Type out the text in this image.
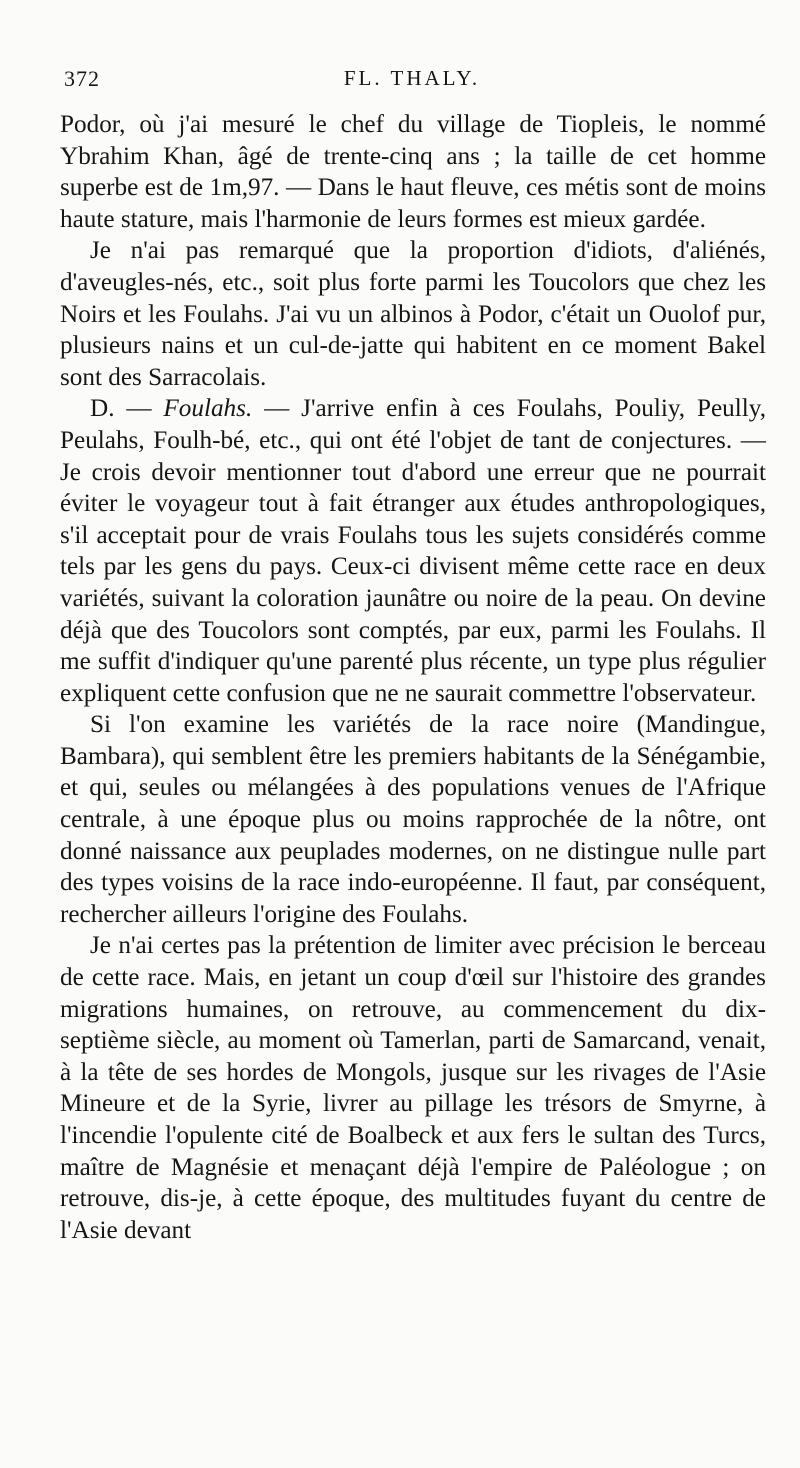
372	FL. THALY.

Podor, où j'ai mesuré le chef du village de Tiopleis, le nommé Ybrahim Khan, âgé de trente-cinq ans ; la taille de cet homme superbe est de 1m,97. — Dans le haut fleuve, ces métis sont de moins haute stature, mais l'harmonie de leurs formes est mieux gardée.

Je n'ai pas remarqué que la proportion d'idiots, d'aliénés, d'aveugles-nés, etc., soit plus forte parmi les Toucolors que chez les Noirs et les Foulahs. J'ai vu un albinos à Podor, c'était un Ouolof pur, plusieurs nains et un cul-de-jatte qui habitent en ce moment Bakel sont des Sarracolais.

D. — Foulahs. — J'arrive enfin à ces Foulahs, Pouliy, Peully, Peulahs, Foulh-bé, etc., qui ont été l'objet de tant de conjectures. — Je crois devoir mentionner tout d'abord une erreur que ne pourrait éviter le voyageur tout à fait étranger aux études anthropologiques, s'il acceptait pour de vrais Foulahs tous les sujets considérés comme tels par les gens du pays. Ceux-ci divisent même cette race en deux variétés, suivant la coloration jaunâtre ou noire de la peau. On devine déjà que des Toucolors sont comptés, par eux, parmi les Foulahs. Il me suffit d'indiquer qu'une parenté plus récente, un type plus régulier expliquent cette confusion que ne ne saurait commettre l'observateur.

Si l'on examine les variétés de la race noire (Mandingue, Bambara), qui semblent être les premiers habitants de la Sénégambie, et qui, seules ou mélangées à des populations venues de l'Afrique centrale, à une époque plus ou moins rapprochée de la nôtre, ont donné naissance aux peuplades modernes, on ne distingue nulle part des types voisins de la race indo-européenne. Il faut, par conséquent, rechercher ailleurs l'origine des Foulahs.

Je n'ai certes pas la prétention de limiter avec précision le berceau de cette race. Mais, en jetant un coup d'œil sur l'histoire des grandes migrations humaines, on retrouve, au commencement du dix-septième siècle, au moment où Tamerlan, parti de Samarcand, venait, à la tête de ses hordes de Mongols, jusque sur les rivages de l'Asie Mineure et de la Syrie, livrer au pillage les trésors de Smyrne, à l'incendie l'opulente cité de Boalbeck et aux fers le sultan des Turcs, maître de Magnésie et menaçant déjà l'empire de Paléologue ; on retrouve, dis-je, à cette époque, des multitudes fuyant du centre de l'Asie devant
